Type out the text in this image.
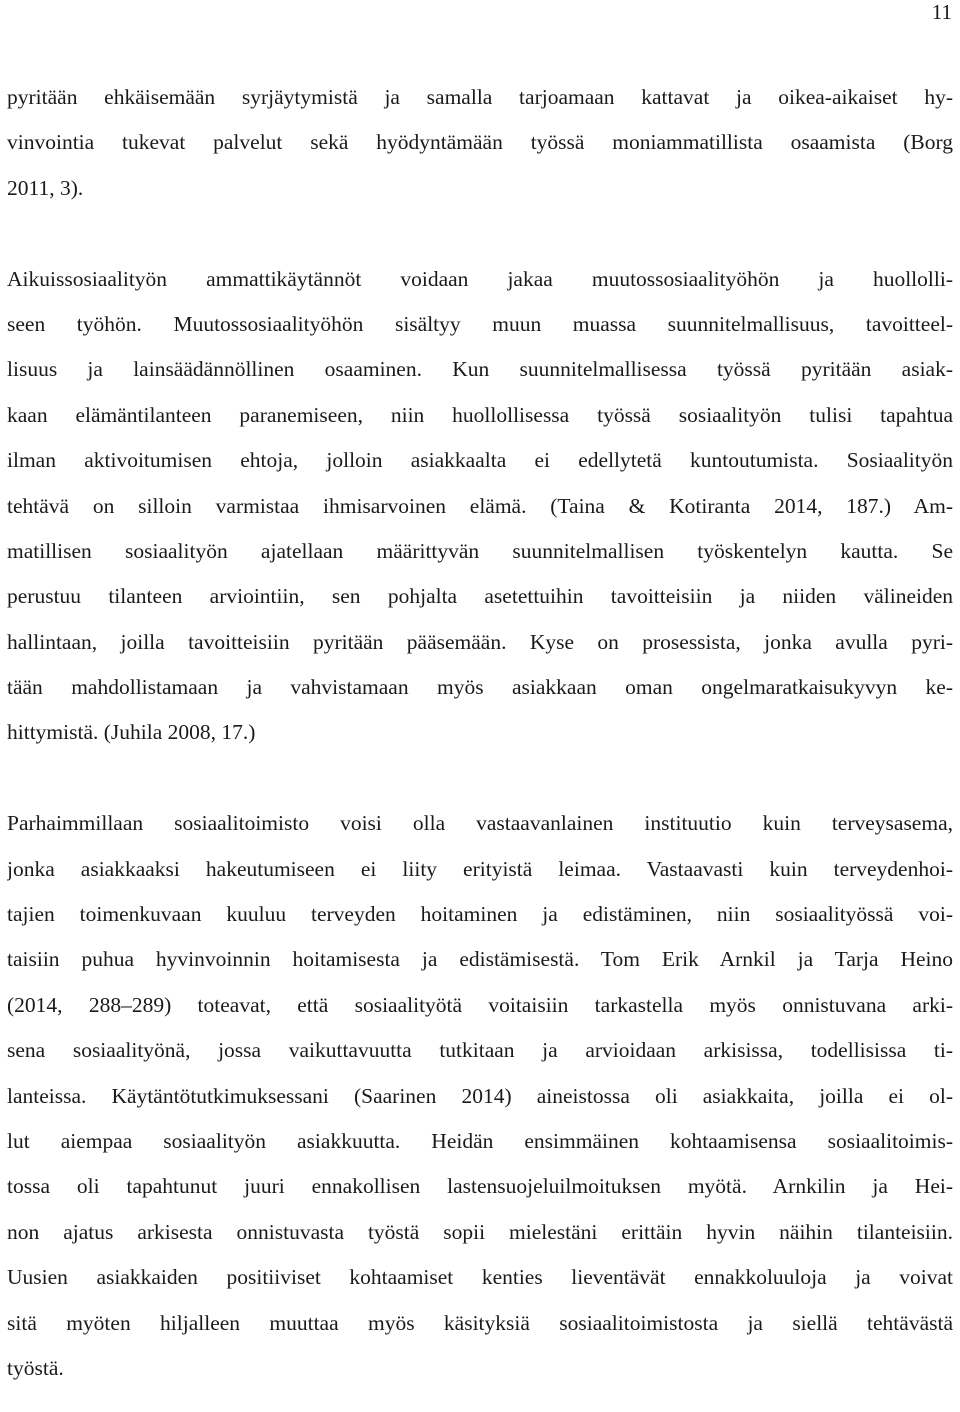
11
pyritään ehkäisemään syrjäytymistä ja samalla tarjoamaan kattavat ja oikea-aikaiset hy-
vinvointia tukevat palvelut sekä hyödyntämään työssä moniammatillista osaamista (Borg
2011, 3).
Aikuissosiaalityön ammattikäytännöt voidaan jakaa muutossosiaalityöhön ja huollolli-
seen työhön. Muutossosiaalityöhön sisältyy muun muassa suunnitelmallisuus, tavoitteel-
lisuus ja lainsäädännöllinen osaaminen. Kun suunnitelmallisessa työssä pyritään asiak-
kaan elämäntilanteen paranemiseen, niin huollollisessa työssä sosiaalityön tulisi tapahtua
ilman aktivoitumisen ehtoja, jolloin asiakkaalta ei edellytetä kuntoutumista. Sosiaalityön
tehtävä on silloin varmistaa ihmisarvoinen elämä. (Taina & Kotiranta 2014, 187.) Am-
matillisen sosiaalityön ajatellaan määrittyvän suunnitelmallisen työskentelyn kautta. Se
perustuu tilanteen arviointiin, sen pohjalta asetettuihin tavoitteisiin ja niiden välineiden
hallintaan, joilla tavoitteisiin pyritään pääsemään. Kyse on prosessista, jonka avulla pyri-
tään mahdollistamaan ja vahvistamaan myös asiakkaan oman ongelmaratkaisukyvyn ke-
hittymistä. (Juhila 2008, 17.)
Parhaimmillaan sosiaalitoimisto voisi olla vastaavanlainen instituutio kuin terveysasema,
jonka asiakkaaksi hakeutumiseen ei liity erityistä leimaa. Vastaavasti kuin terveydenhoi-
tajien toimenkuvaan kuuluu terveyden hoitaminen ja edistäminen, niin sosiaalityössä voi-
taisiin puhua hyvinvoinnin hoitamisesta ja edistämisestä. Tom Erik Arnkil ja Tarja Heino
(2014, 288–289) toteavat, että sosiaalityötä voitaisiin tarkastella myös onnistuvana arki-
sena sosiaalityönä, jossa vaikuttavuutta tutkitaan ja arvioidaan arkisissa, todellisissa ti-
lanteissa. Käytäntötutkimuksessani (Saarinen 2014) aineistossa oli asiakkaita, joilla ei ol-
lut aiempaa sosiaalityön asiakkuutta. Heidän ensimmäinen kohtaamisensa sosiaalitoimis-
tossa oli tapahtunut juuri ennakollisen lastensuojeluilmoituksen myötä. Arnkilin ja Hei-
non ajatus arkisesta onnistuvasta työstä sopii mielestäni erittäin hyvin näihin tilanteisiin.
Uusien asiakkaiden positiiviset kohtaamiset kenties lieventävät ennakkoluuloja ja voivat
sitä myöten hiljalleen muuttaa myös käsityksiä sosiaalitoimistosta ja siellä tehtävästä
työstä.
